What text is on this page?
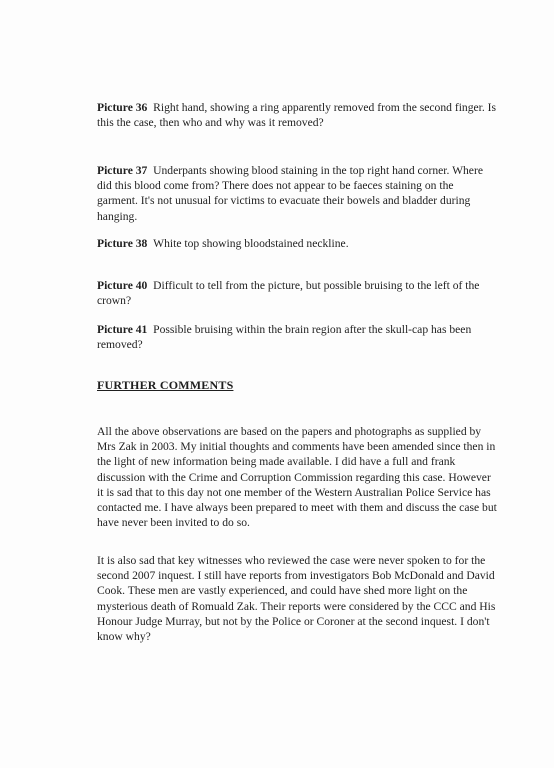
Picture 36 Right hand, showing a ring apparently removed from the second finger. Is this the case, then who and why was it removed?
Picture 37 Underpants showing blood staining in the top right hand corner. Where did this blood come from? There does not appear to be faeces staining on the garment. It's not unusual for victims to evacuate their bowels and bladder during hanging.
Picture 38 White top showing bloodstained neckline.
Picture 40 Difficult to tell from the picture, but possible bruising to the left of the crown?
Picture 41 Possible bruising within the brain region after the skull-cap has been removed?
FURTHER COMMENTS
All the above observations are based on the papers and photographs as supplied by Mrs Zak in 2003. My initial thoughts and comments have been amended since then in the light of new information being made available. I did have a full and frank discussion with the Crime and Corruption Commission regarding this case. However it is sad that to this day not one member of the Western Australian Police Service has contacted me. I have always been prepared to meet with them and discuss the case but have never been invited to do so.
It is also sad that key witnesses who reviewed the case were never spoken to for the second 2007 inquest. I still have reports from investigators Bob McDonald and David Cook. These men are vastly experienced, and could have shed more light on the mysterious death of Romuald Zak. Their reports were considered by the CCC and His Honour Judge Murray, but not by the Police or Coroner at the second inquest. I don't know why?
